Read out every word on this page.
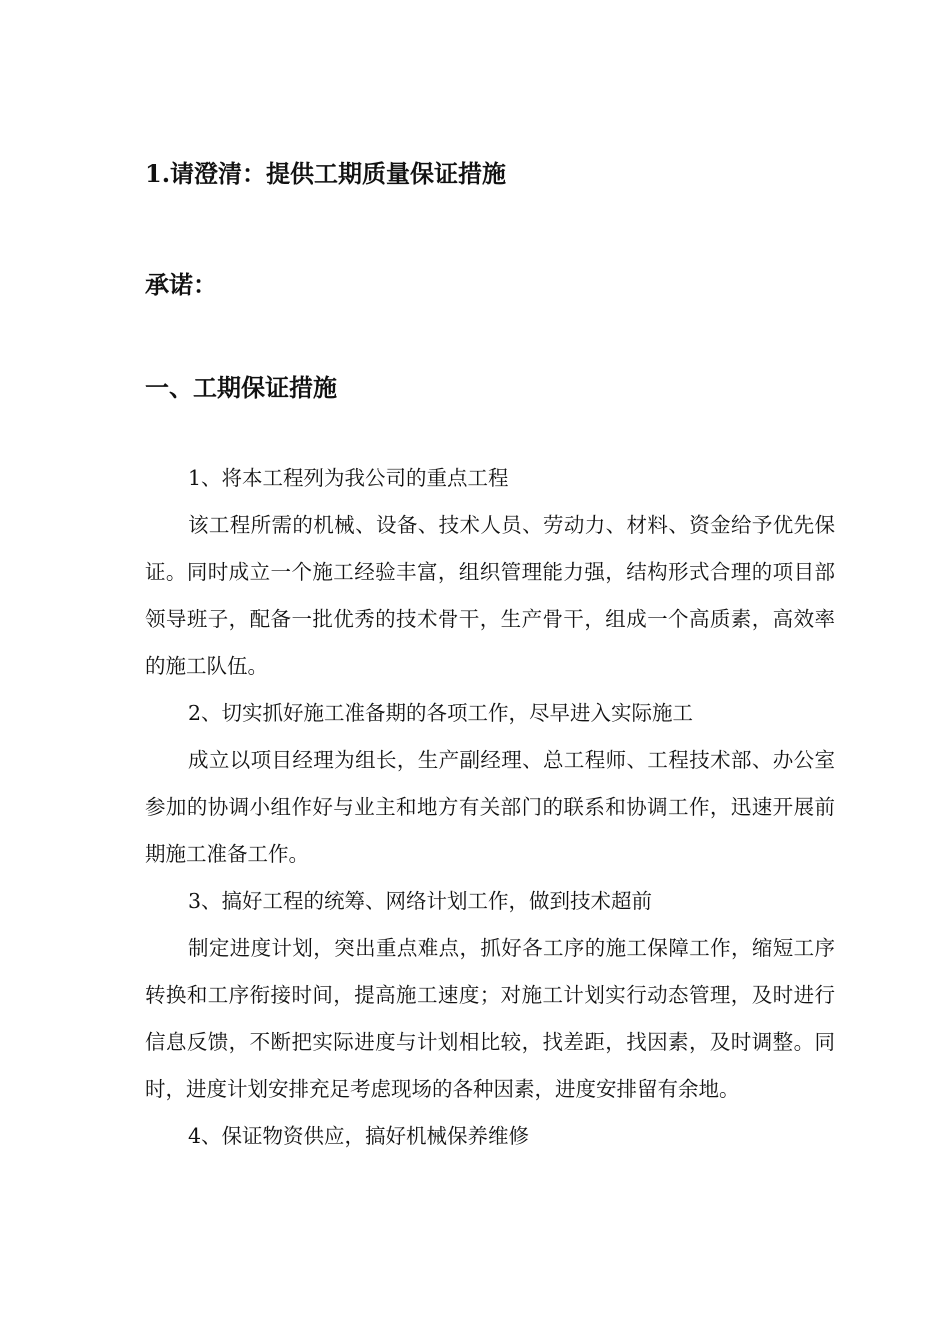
1.请澄清：提供工期质量保证措施
承诺：
一、工期保证措施

1、将本工程列为我公司的重点工程

该工程所需的机械、设备、技术人员、劳动力、材料、资金给予优先保证。同时成立一个施工经验丰富，组织管理能力强，结构形式合理的项目部领导班子，配备一批优秀的技术骨干，生产骨干，组成一个高质素，高效率的施工队伍。

2、切实抓好施工准备期的各项工作，尽早进入实际施工

成立以项目经理为组长，生产副经理、总工程师、工程技术部、办公室参加的协调小组作好与业主和地方有关部门的联系和协调工作，迅速开展前期施工准备工作。

3、搞好工程的统筹、网络计划工作，做到技术超前

制定进度计划，突出重点难点，抓好各工序的施工保障工作，缩短工序转换和工序衔接时间，提高施工速度；对施工计划实行动态管理，及时进行信息反馈，不断把实际进度与计划相比较，找差距，找因素，及时调整。同时，进度计划安排充足考虑现场的各种因素，进度安排留有余地。

4、保证物资供应，搞好机械保养维修
